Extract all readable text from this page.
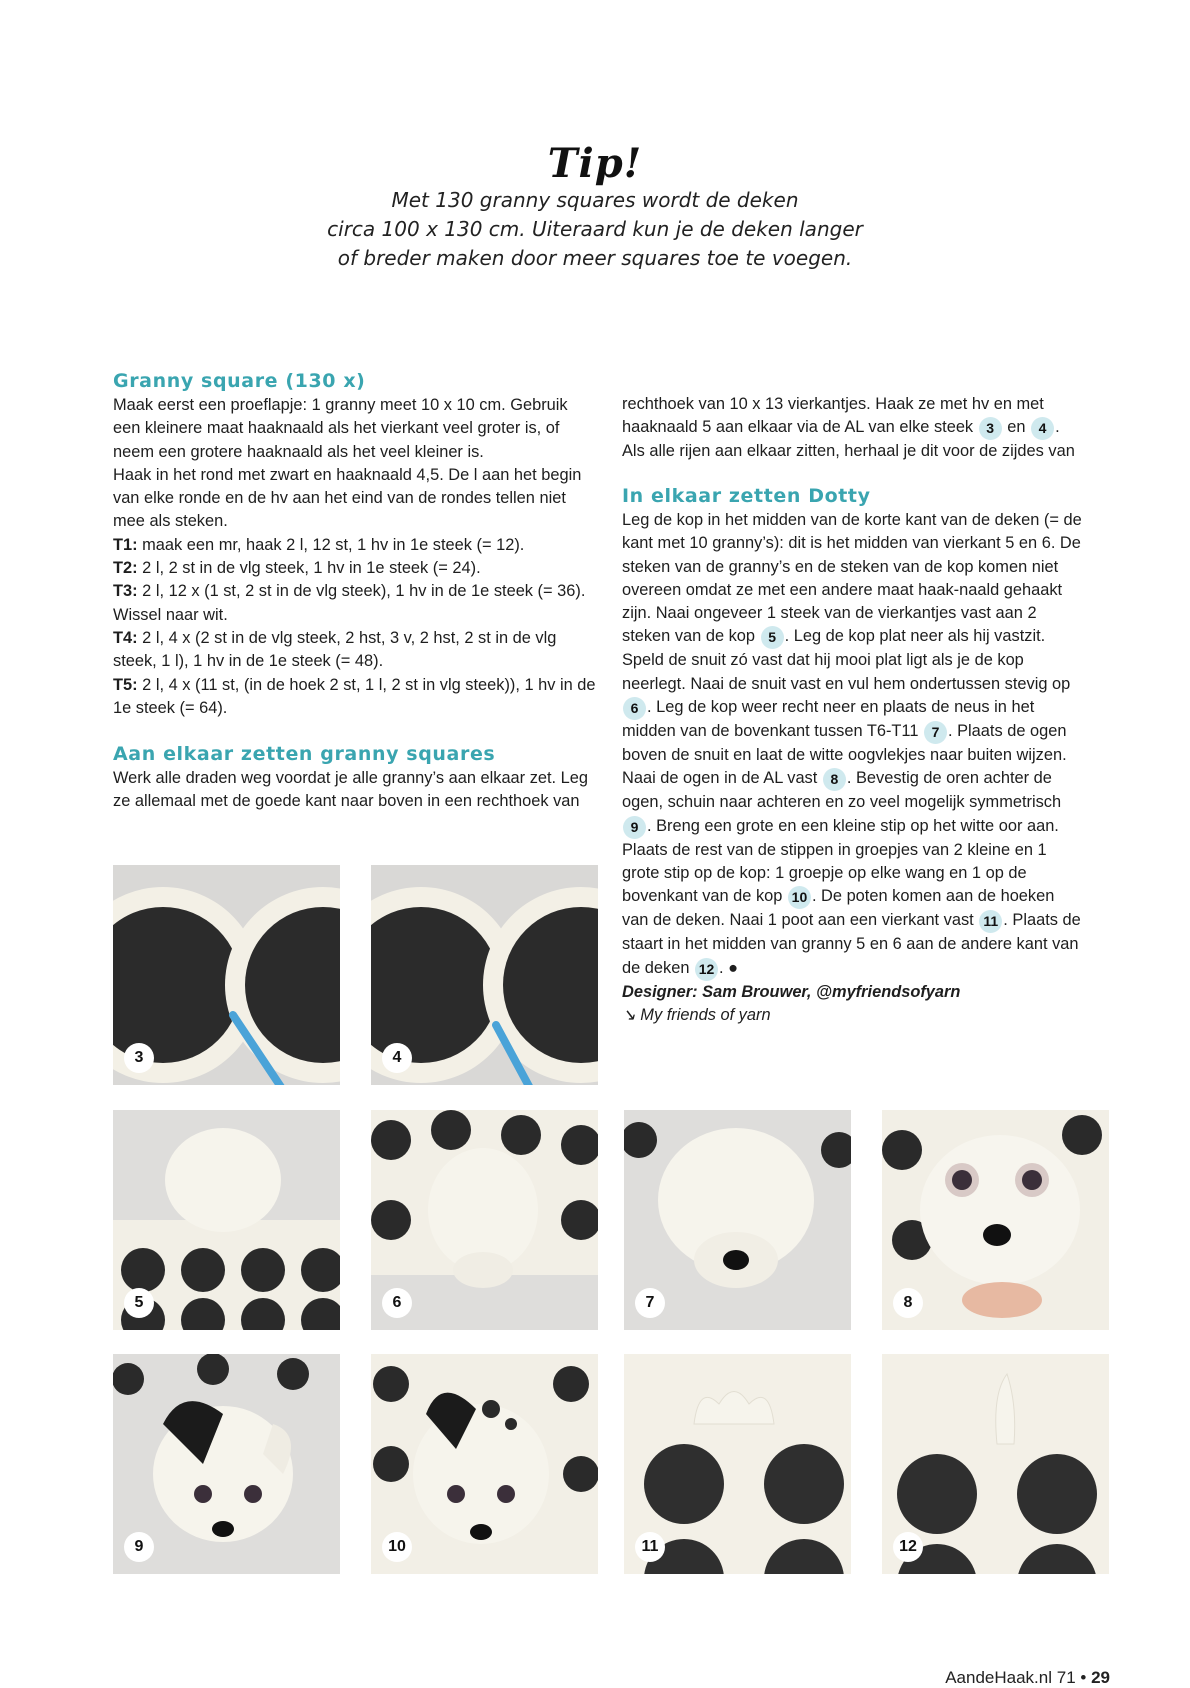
Tip!
Met 130 granny squares wordt de deken
circa 100 x 130 cm. Uiteraard kun je de deken langer
of breder maken door meer squares toe te voegen.
Granny square (130 x)

Maak eerst een proeflapje: 1 granny meet 10 x 10 cm. Gebruik een kleinere maat haaknaald als het vierkant veel groter is, of neem een grotere haaknaald als het veel kleiner is.

Haak in het rond met zwart en haaknaald 4,5. De l aan het begin van elke ronde en de hv aan het eind van de rondes tellen niet mee als steken.

T1: maak een mr, haak 2 l, 12 st, 1 hv in 1e steek (= 12).

T2: 2 l, 2 st in de vlg steek, 1 hv in 1e steek (= 24).

T3: 2 l, 12 x (1 st, 2 st in de vlg steek), 1 hv in de 1e steek (= 36).

Wissel naar wit.

T4: 2 l, 4 x (2 st in de vlg steek, 2 hst, 3 v, 2 hst, 2 st in de vlg steek, 1 l), 1 hv in de 1e steek (= 48).

T5: 2 l, 4 x (11 st, (in de hoek 2 st, 1 l, 2 st in vlg steek)), 1 hv in de 1e steek (= 64).

Aan elkaar zetten granny squares

Werk alle draden weg voordat je alle granny’s aan elkaar zet. Leg ze allemaal met de goede kant naar boven in een rechthoek van

rechthoek van 10 x 13 vierkantjes. Haak ze met hv en met haaknaald 5 aan elkaar via de AL van elke steek 3 en 4 . Als alle rijen aan elkaar zitten, herhaal je dit voor de zijdes van

In elkaar zetten Dotty

Leg de kop in het midden van de korte kant van de deken (= de kant met 10 granny’s): dit is het midden van vierkant 5 en 6. De steken van de granny’s en de steken van de kop komen niet overeen omdat ze met een andere maat haak-naald gehaakt zijn. Naai ongeveer 1 steek van de vierkantjes vast aan 2 steken van de kop 5 . Leg de kop plat neer als hij vastzit. Speld de snuit zó vast dat hij mooi plat ligt als je de kop neerlegt. Naai de snuit vast en vul hem ondertussen stevig op 6 . Leg de kop weer recht neer en plaats de neus in het midden van de bovenkant tussen T6-T11 7 . Plaats de ogen boven de snuit en laat de witte oogvlekjes naar buiten wijzen. Naai de ogen in de AL vast 8 . Bevestig de oren achter de ogen, schuin naar achteren en zo veel mogelijk symmetrisch 9 . Breng een grote en een kleine stip op het witte oor aan. Plaats de rest van de stippen in groepjes van 2 kleine en 1 grote stip op de kop: 1 groepje op elke wang en 1 op de bovenkant van de kop 10 . De poten komen aan de hoeken van de deken. Naai 1 poot aan een vierkant vast 11 . Plaats de staart in het midden van granny 5 en 6 aan de andere kant van de deken 12 . ●

Designer: Sam Brouwer, @myfriendsofyarn

↘ My friends of yarn

3	4
5	6	7	8
9	10	11	12
AandeHaak.nl 71 • 29
